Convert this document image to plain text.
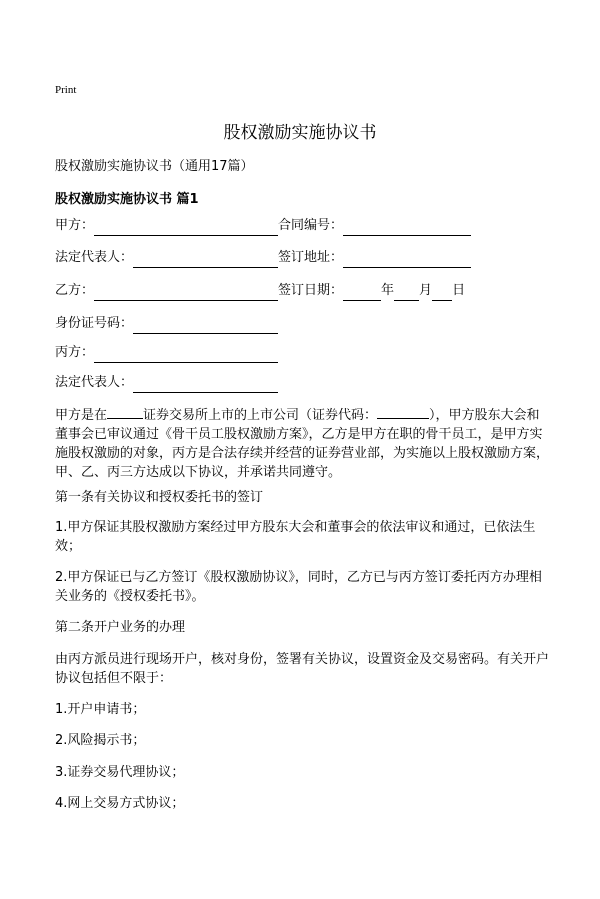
Print
股权激励实施协议书
股权激励实施协议书（通用17篇）
股权激励实施协议书 篇1
甲方：	合同编号：
法定代表人：	签订地址：
乙方：	签订日期：	年 月 日
身份证号码：
丙方：
法定代表人：
甲方是在	证券交易所上市的上市公司（证券代码：	），甲方股东大会和董事会已审议通过《骨干员工股权激励方案》，乙方是甲方在职的骨干员工，是甲方实施股权激励的对象，丙方是合法存续并经营的证券营业部，为实施以上股权激励方案，甲、乙、丙三方达成以下协议，并承诺共同遵守。
第一条有关协议和授权委托书的签订
1.甲方保证其股权激励方案经过甲方股东大会和董事会的依法审议和通过，已依法生效；
2.甲方保证已与乙方签订《股权激励协议》，同时，乙方已与丙方签订委托丙方办理相关业务的《授权委托书》。
第二条开户业务的办理
由丙方派员进行现场开户，核对身份，签署有关协议，设置资金及交易密码。有关开户协议包括但不限于：
1.开户申请书；
2.风险揭示书；
3.证券交易代理协议；
4.网上交易方式协议；
